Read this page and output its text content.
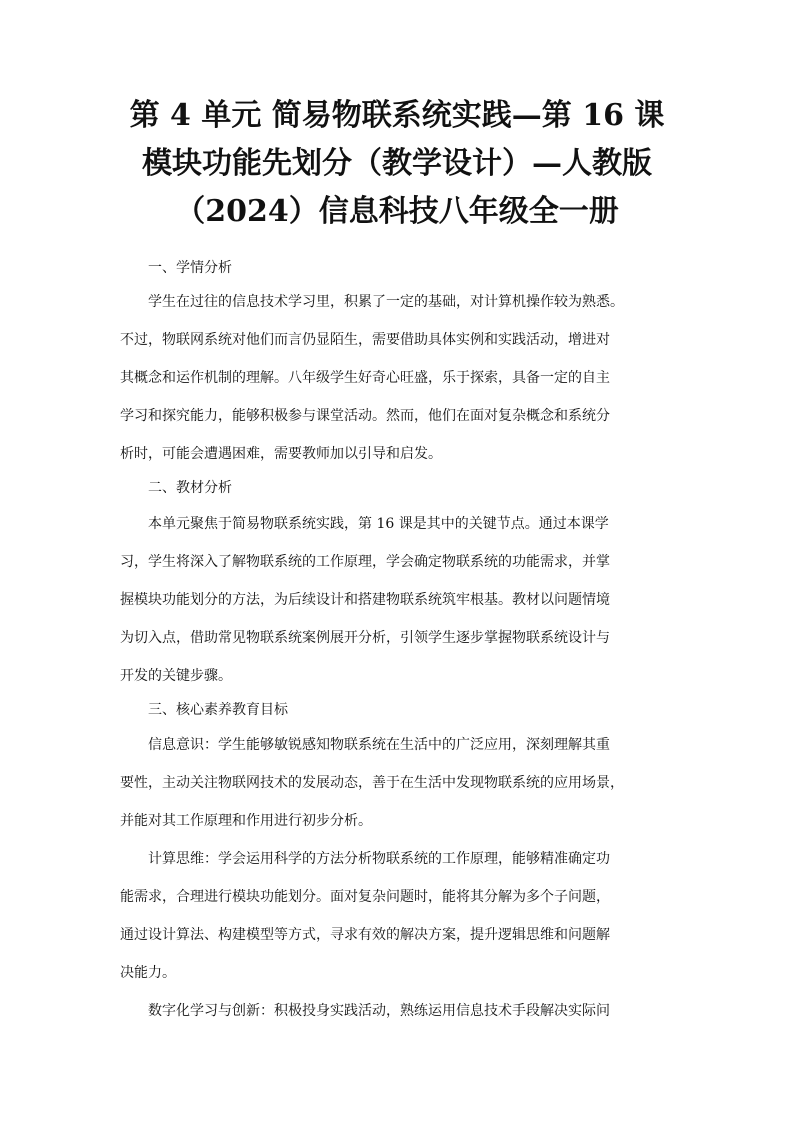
第 4 单元 简易物联系统实践—第 16 课
模块功能先划分（教学设计）—人教版
（2024）信息科技八年级全一册
一、学情分析

学生在过往的信息技术学习里，积累了一定的基础，对计算机操作较为熟悉。
不过，物联网系统对他们而言仍显陌生，需要借助具体实例和实践活动，增进对
其概念和运作机制的理解。八年级学生好奇心旺盛，乐于探索，具备一定的自主
学习和探究能力，能够积极参与课堂活动。然而，他们在面对复杂概念和系统分
析时，可能会遭遇困难，需要教师加以引导和启发。

二、教材分析

本单元聚焦于简易物联系统实践，第 16 课是其中的关键节点。通过本课学
习，学生将深入了解物联系统的工作原理，学会确定物联系统的功能需求，并掌
握模块功能划分的方法，为后续设计和搭建物联系统筑牢根基。教材以问题情境
为切入点，借助常见物联系统案例展开分析，引领学生逐步掌握物联系统设计与
开发的关键步骤。

三、核心素养教育目标

信息意识：学生能够敏锐感知物联系统在生活中的广泛应用，深刻理解其重
要性，主动关注物联网技术的发展动态，善于在生活中发现物联系统的应用场景，
并能对其工作原理和作用进行初步分析。

计算思维：学会运用科学的方法分析物联系统的工作原理，能够精准确定功
能需求，合理进行模块功能划分。面对复杂问题时，能将其分解为多个子问题，
通过设计算法、构建模型等方式，寻求有效的解决方案，提升逻辑思维和问题解
决能力。

数字化学习与创新：积极投身实践活动，熟练运用信息技术手段解决实际问
